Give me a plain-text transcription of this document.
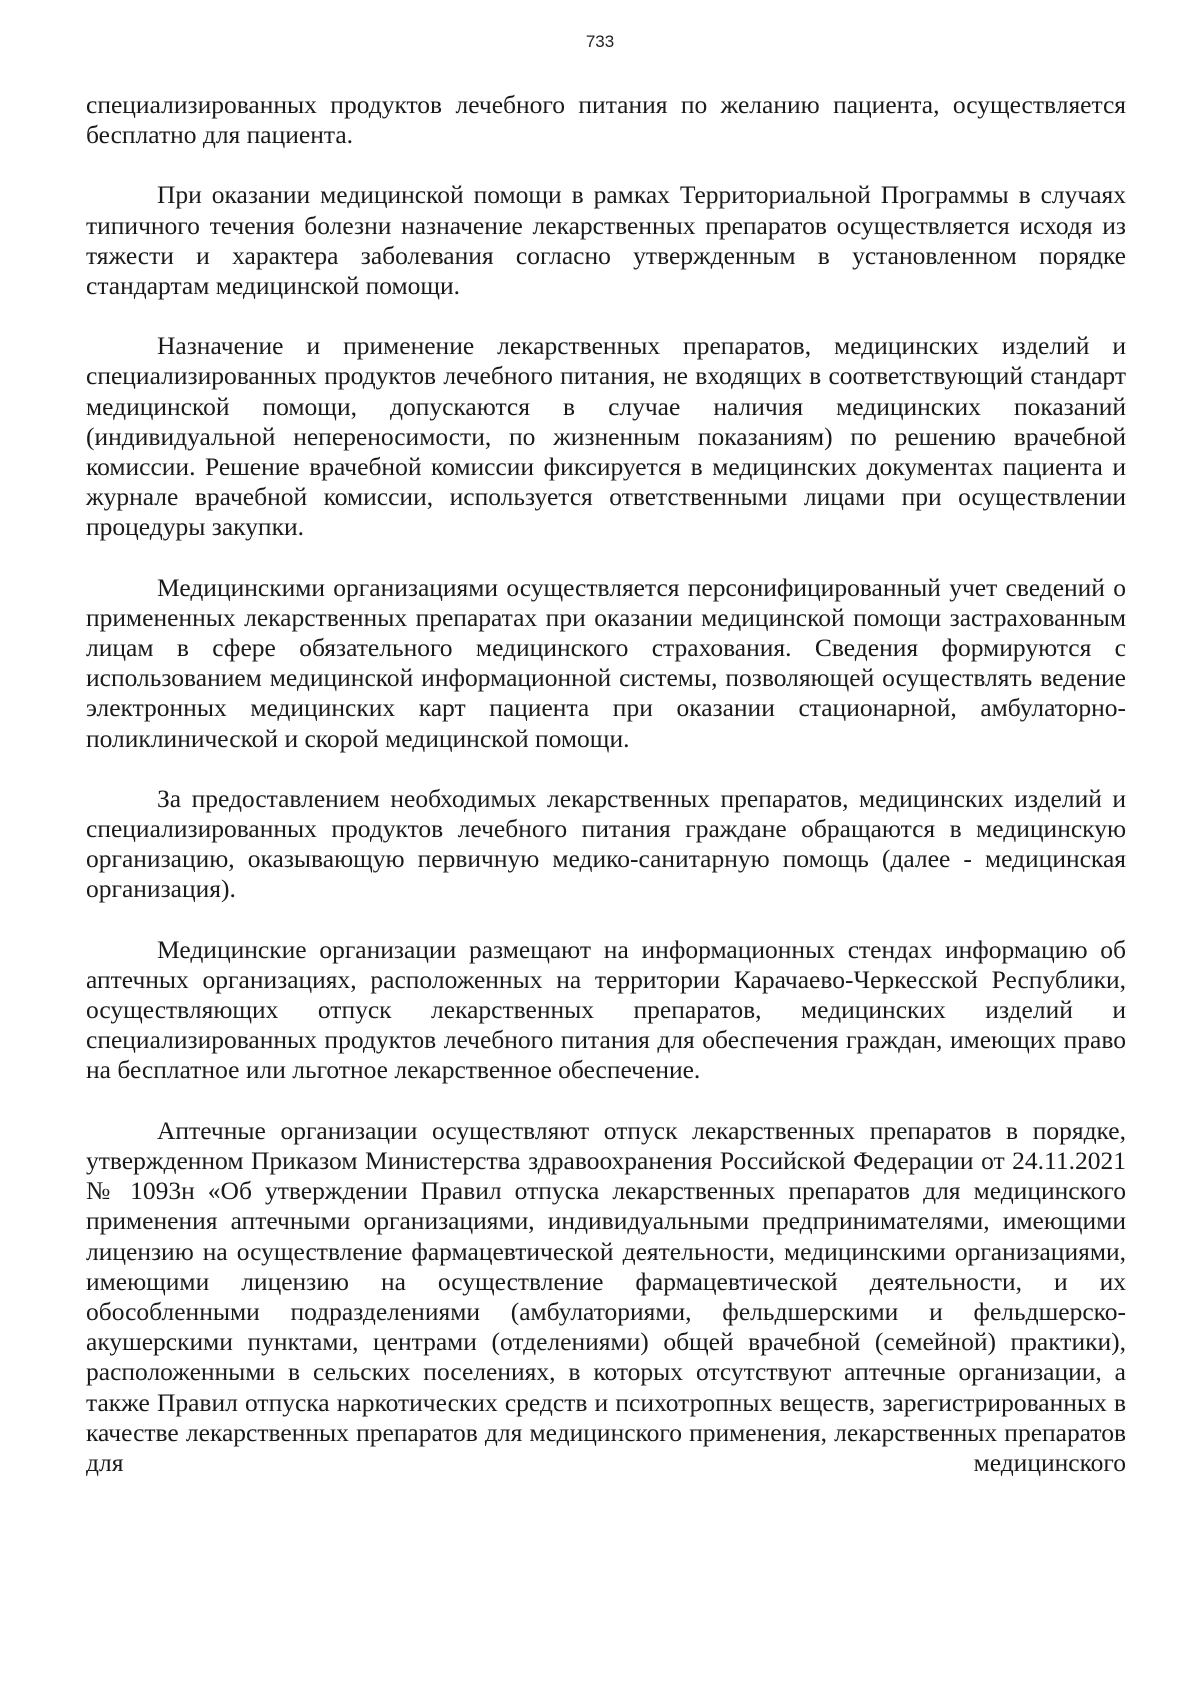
733

специализированных продуктов лечебного питания по желанию пациента, осуществляется бесплатно для пациента.

При оказании медицинской помощи в рамках Территориальной Программы в случаях типичного течения болезни назначение лекарственных препаратов осуществляется исходя из тяжести и характера заболевания согласно утвержденным в установленном порядке стандартам медицинской помощи.

Назначение и применение лекарственных препаратов, медицинских изделий и специализированных продуктов лечебного питания, не входящих в соответствующий стандарт медицинской помощи, допускаются в случае наличия медицинских показаний (индивидуальной непереносимости, по жизненным показаниям) по решению врачебной комиссии. Решение врачебной комиссии фиксируется в медицинских документах пациента и журнале врачебной комиссии, используется ответственными лицами при осуществлении процедуры закупки.

Медицинскими организациями осуществляется персонифицированный учет сведений о примененных лекарственных препаратах при оказании медицинской помощи застрахованным лицам в сфере обязательного медицинского страхования. Сведения формируются с использованием медицинской информационной системы, позволяющей осуществлять ведение электронных медицинских карт пациента при оказании стационарной, амбулаторно-поликлинической и скорой медицинской помощи.

За предоставлением необходимых лекарственных препаратов, медицинских изделий и специализированных продуктов лечебного питания граждане обращаются в медицинскую организацию, оказывающую первичную медико-санитарную помощь (далее - медицинская организация).

Медицинские организации размещают на информационных стендах информацию об аптечных организациях, расположенных на территории Карачаево-Черкесской Республики, осуществляющих отпуск лекарственных препаратов, медицинских изделий и специализированных продуктов лечебного питания для обеспечения граждан, имеющих право на бесплатное или льготное лекарственное обеспечение.

Аптечные организации осуществляют отпуск лекарственных препаратов в порядке, утвержденном Приказом Министерства здравоохранения Российской Федерации от 24.11.2021 № 1093н «Об утверждении Правил отпуска лекарственных препаратов для медицинского применения аптечными организациями, индивидуальными предпринимателями, имеющими лицензию на осуществление фармацевтической деятельности, медицинскими организациями, имеющими лицензию на осуществление фармацевтической деятельности, и их обособленными подразделениями (амбулаториями, фельдшерскими и фельдшерско-акушерскими пунктами, центрами (отделениями) общей врачебной (семейной) практики), расположенными в сельских поселениях, в которых отсутствуют аптечные организации, а также Правил отпуска наркотических средств и психотропных веществ, зарегистрированных в качестве лекарственных препаратов для медицинского применения, лекарственных препаратов для медицинского
